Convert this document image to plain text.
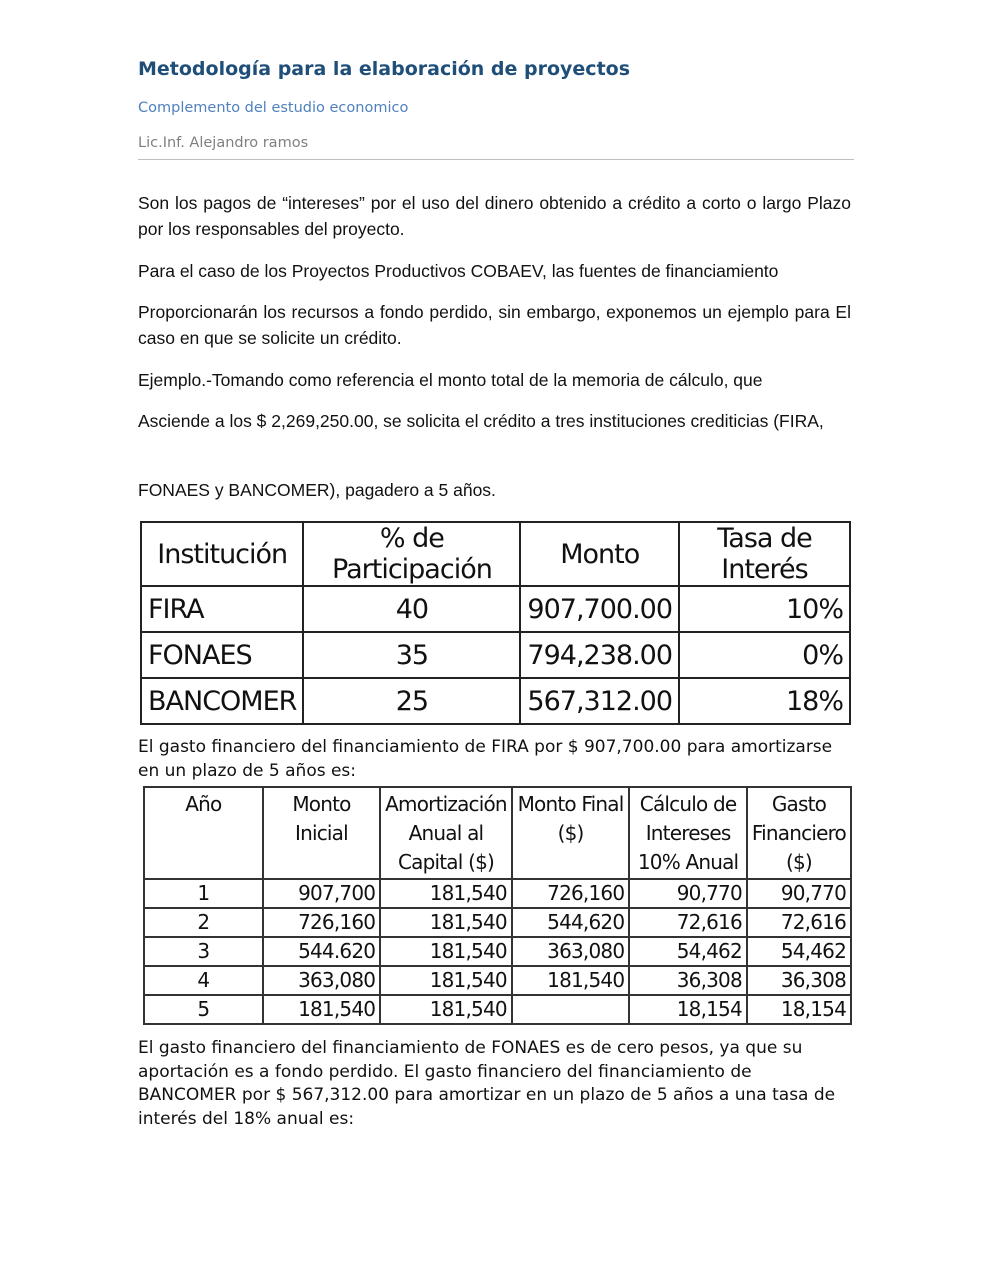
Metodología para la elaboración de proyectos
Complemento del estudio economico
Lic.Inf. Alejandro ramos

Son los pagos de “intereses” por el uso del dinero obtenido a crédito a corto o largo Plazo por los responsables del proyecto.

Para el caso de los Proyectos Productivos COBAEV, las fuentes de financiamiento

Proporcionarán los recursos a fondo perdido, sin embargo, exponemos un ejemplo para El caso en que se solicite un crédito.

Ejemplo.-Tomando como referencia el monto total de la memoria de cálculo, que

Asciende a los $ 2,269,250.00, se solicita el crédito a tres instituciones crediticias (FIRA,

FONAES y BANCOMER), pagadero a 5 años.

Institución	% de Participación	Monto	Tasa de Interés
FIRA	40	907,700.00	10%
FONAES	35	794,238.00	0%
BANCOMER	25	567,312.00	18%

El gasto financiero del financiamiento de FIRA por $ 907,700.00 para amortizarse en un plazo de 5 años es:

Año	Monto Inicial	Amortización Anual al Capital ($)	Monto Final ($)	Cálculo de Intereses 10% Anual	Gasto Financiero ($)
1	907,700	181,540	726,160	90,770	90,770
2	726,160	181,540	544,620	72,616	72,616
3	544.620	181,540	363,080	54,462	54,462
4	363,080	181,540	181,540	36,308	36,308
5	181,540	181,540		18,154	18,154

El gasto financiero del financiamiento de FONAES es de cero pesos, ya que su aportación es a fondo perdido. El gasto financiero del financiamiento de BANCOMER por $ 567,312.00 para amortizar en un plazo de 5 años a una tasa de interés del 18% anual es:
